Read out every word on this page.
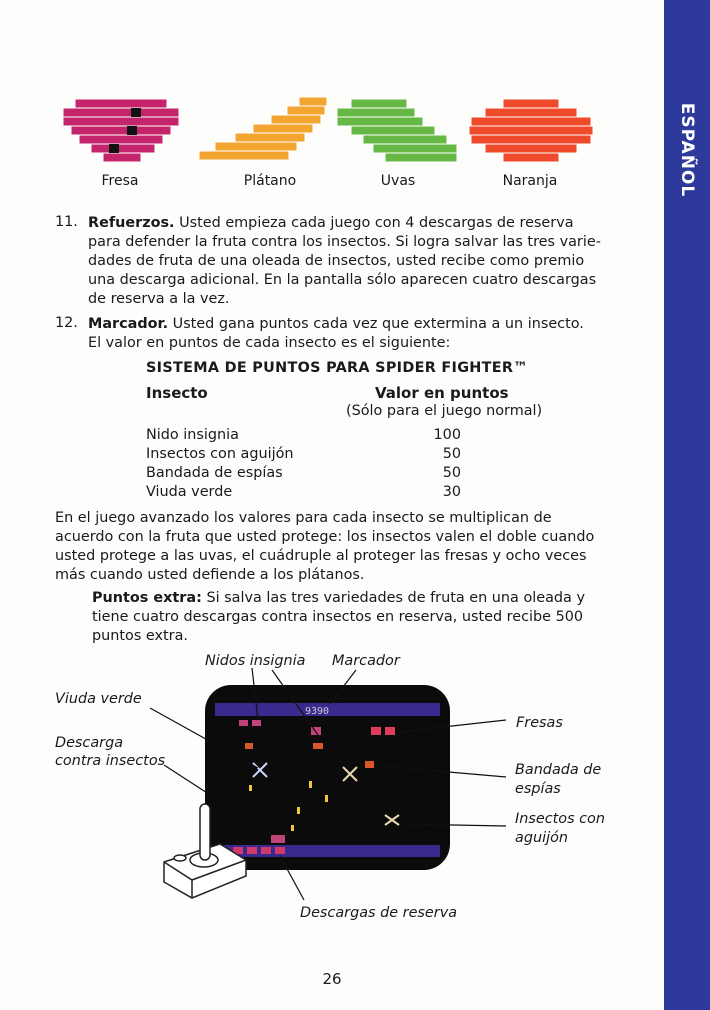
ESPAÑOL
Fresa	Plátano	Uvas	Naranja
11. Refuerzos. Usted empieza cada juego con 4 descargas de reserva
para defender la fruta contra los insectos. Si logra salvar las tres varie-
dades de fruta de una oleada de insectos, usted recibe como premio
una descarga adicional. En la pantalla sólo aparecen cuatro descargas
de reserva a la vez.
12. Marcador. Usted gana puntos cada vez que extermina a un insecto.
El valor en puntos de cada insecto es el siguiente:
SISTEMA DE PUNTOS PARA SPIDER FIGHTER™
Insecto	Valor en puntos
(Sólo para el juego normal)
Nido insignia	100
Insectos con aguijón	50
Bandada de espías	50
Viuda verde	30
En el juego avanzado los valores para cada insecto se multiplican de
acuerdo con la fruta que usted protege: los insectos valen el doble cuando
usted protege a las uvas, el cuádruple al proteger las fresas y ocho veces
más cuando usted defiende a los plátanos.
Puntos extra: Si salva las tres variedades de fruta en una oleada y
tiene cuatro descargas contra insectos en reserva, usted recibe 500
puntos extra.
9390
Nidos insignia Marcador
Viuda verde
Descarga
contra insectos
Fresas
Bandada de
espías
Insectos con
aguijón
Descargas de reserva
26
